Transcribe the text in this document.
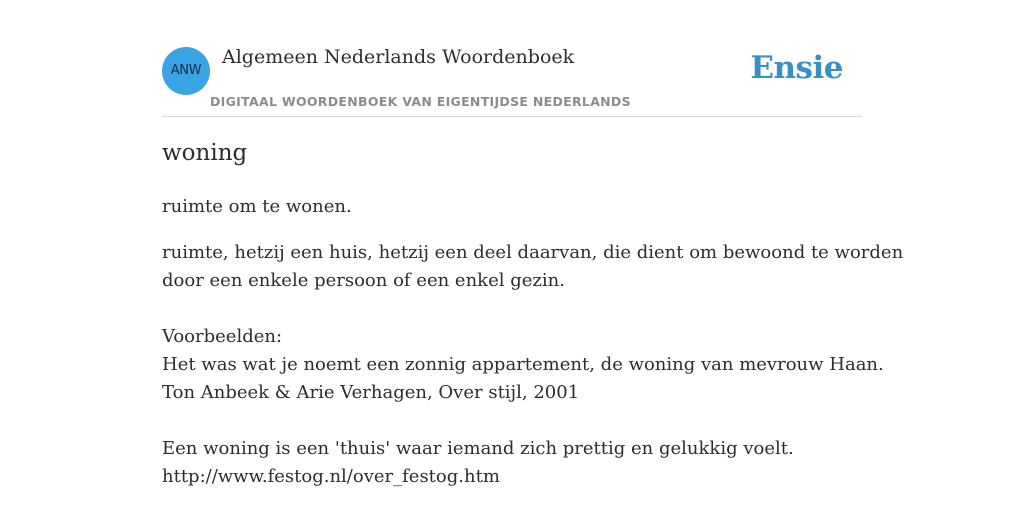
ANW
Algemeen Nederlands Woordenboek
DIGITAAL WOORDENBOEK VAN EIGENTIJDSE NEDERLANDS
Ensie
woning
ruimte om te wonen.
ruimte, hetzij een huis, hetzij een deel daarvan, die dient om bewoond te worden
door een enkele persoon of een enkel gezin.
Voorbeelden:
Het was wat je noemt een zonnig appartement, de woning van mevrouw Haan.
Ton Anbeek & Arie Verhagen, Over stijl, 2001
Een woning is een 'thuis' waar iemand zich prettig en gelukkig voelt.
http://www.festog.nl/over_festog.htm
